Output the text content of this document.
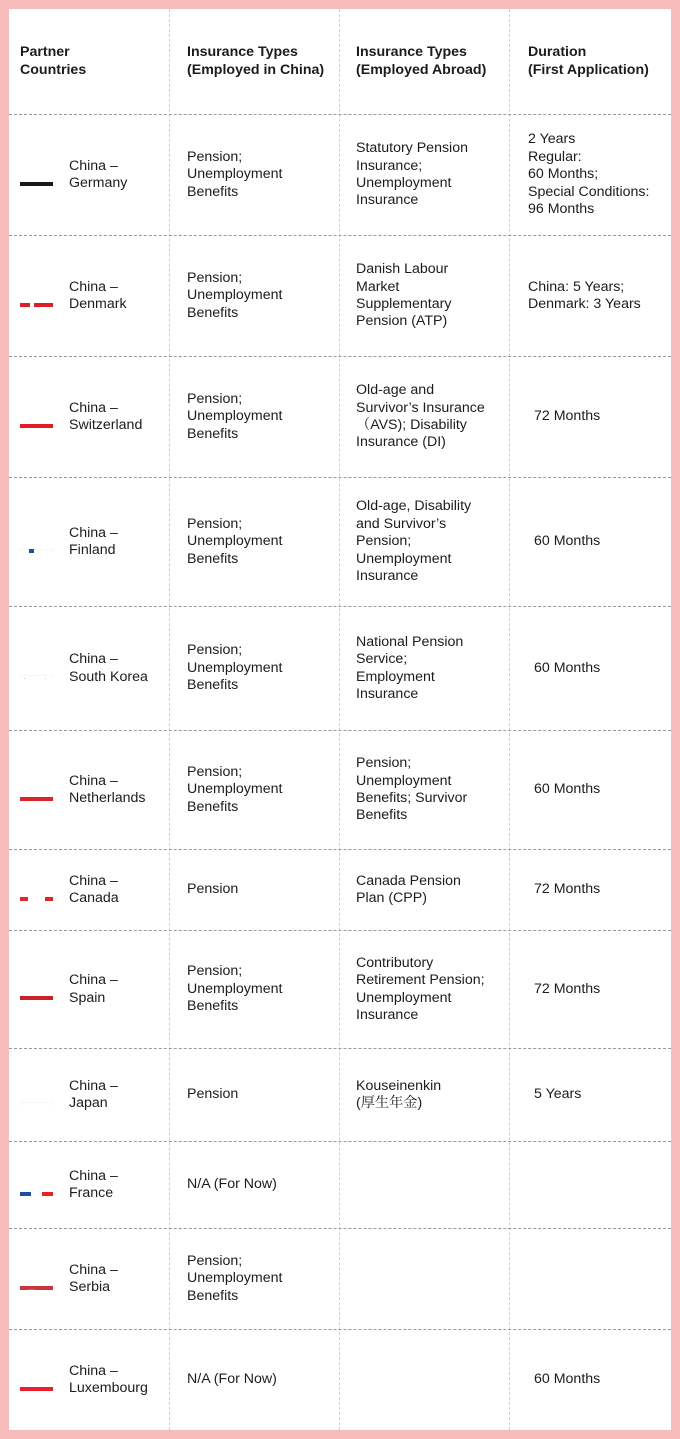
Partner
Countries
Insurance Types
(Employed in China)
Insurance Types
(Employed Abroad)
Duration
(First Application)

China –
Germany
Pension;
Unemployment
Benefits
Statutory Pension
Insurance;
Unemployment
Insurance
2 Years
Regular:
60 Months;
Special Conditions:
96 Months

China –
Denmark
Pension;
Unemployment
Benefits
Danish Labour
Market
Supplementary
Pension (ATP)
China: 5 Years;
Denmark: 3 Years

China –
Switzerland
Pension;
Unemployment
Benefits
Old-age and
Survivor’s Insurance
（AVS); Disability
Insurance (DI)
72 Months

China –
Finland
Pension;
Unemployment
Benefits
Old-age, Disability
and Survivor’s
Pension;
Unemployment
Insurance
60 Months

China –
South Korea
Pension;
Unemployment
Benefits
National Pension
Service;
Employment
Insurance
60 Months

China –
Netherlands
Pension;
Unemployment
Benefits
Pension;
Unemployment
Benefits; Survivor
Benefits
60 Months

China –
Canada
Pension
Canada Pension
Plan (CPP)
72 Months

China –
Spain
Pension;
Unemployment
Benefits
Contributory
Retirement Pension;
Unemployment
Insurance
72 Months

China –
Japan
Pension
Kouseinenkin
(厚生年金)
5 Years

China –
France
N/A (For Now)

China –
Serbia
Pension;
Unemployment
Benefits

China –
Luxembourg
N/A (For Now)	60 Months
